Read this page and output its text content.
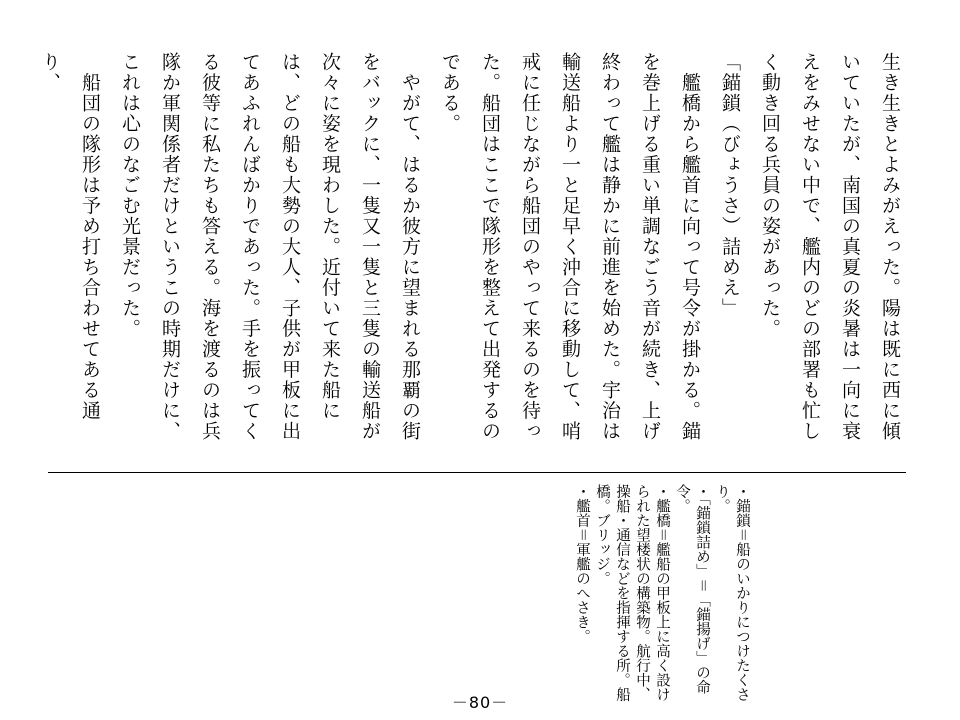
生き生きとよみがえった。陽は既に西に傾いていたが、南国の真夏の炎暑は一向に衰えをみせない中で、艦内のどの部署も忙しく動き回る兵員の姿があった。

「錨鎖（びょうさ）詰めえ」

　艦橋から艦首に向って号令が掛かる。錨を巻上げる重い単調なごう音が続き、上げ終わって艦は静かに前進を始めた。宇治は輸送船より一と足早く沖合に移動して、哨戒に任じながら船団のやって来るのを待った。船団はここで隊形を整えて出発するのである。

　やがて、はるか彼方に望まれる那覇の街をバックに、一隻又一隻と三隻の輸送船が次々に姿を現わした。近付いて来た船には、どの船も大勢の大人、子供が甲板に出てあふれんばかりであった。手を振ってくる彼等に私たちも答える。海を渡るのは兵隊か軍関係者だけというこの時期だけに、これは心のなごむ光景だった。

　船団の隊形は予め打ち合わせてある通り、

・錨鎖＝船のいかりにつけたくさり。

・「錨鎖詰め」＝「錨揚げ」の命令。

・艦橋＝艦船の甲板上に高く設けられた望楼状の構築物。航行中、操船・通信などを指揮する所。船橋。ブリッジ。

・艦首＝軍艦のへさき。

－80－
